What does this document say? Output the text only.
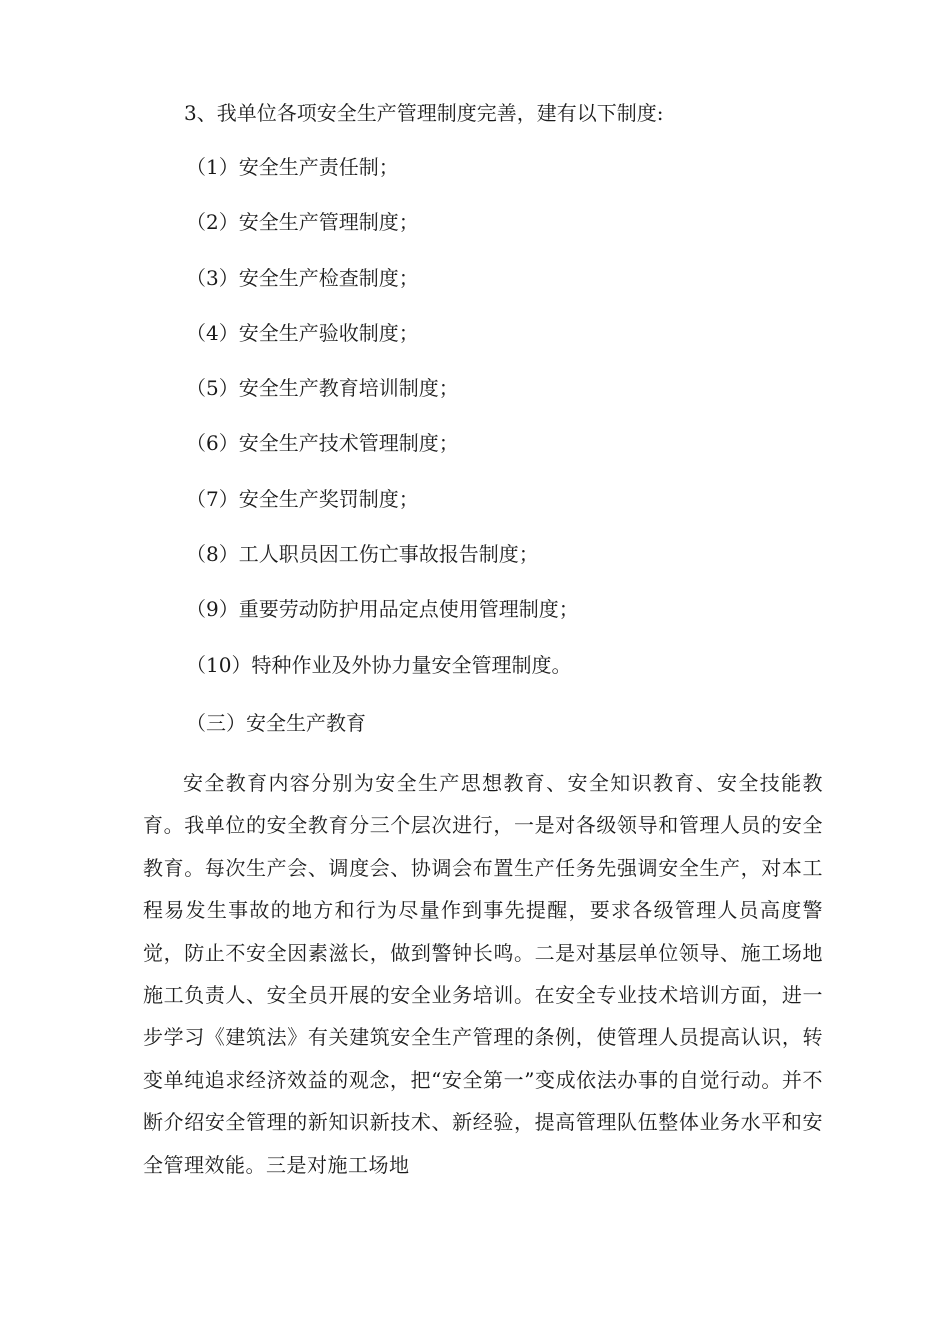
3、我单位各项安全生产管理制度完善，建有以下制度:
（1）安全生产责任制；
（2）安全生产管理制度；
（3）安全生产检查制度；
（4）安全生产验收制度；
（5）安全生产教育培训制度；
（6）安全生产技术管理制度；
（7）安全生产奖罚制度；
（8）工人职员因工伤亡事故报告制度；
（9）重要劳动防护用品定点使用管理制度；
（10）特种作业及外协力量安全管理制度。
（三）安全生产教育

安全教育内容分别为安全生产思想教育、安全知识教育、安全技能教育。我单位的安全教育分三个层次进行，一是对各级领导和管理人员的安全教育。每次生产会、调度会、协调会布置生产任务先强调安全生产，对本工程易发生事故的地方和行为尽量作到事先提醒，要求各级管理人员高度警觉，防止不安全因素滋长，做到警钟长鸣。二是对基层单位领导、施工场地施工负责人、安全员开展的安全业务培训。在安全专业技术培训方面，进一步学习《建筑法》有关建筑安全生产管理的条例，使管理人员提高认识，转变单纯追求经济效益的观念，把“安全第一”变成依法办事的自觉行动。并不断介绍安全管理的新知识新技术、新经验，提高管理队伍整体业务水平和安全管理效能。三是对施工场地
